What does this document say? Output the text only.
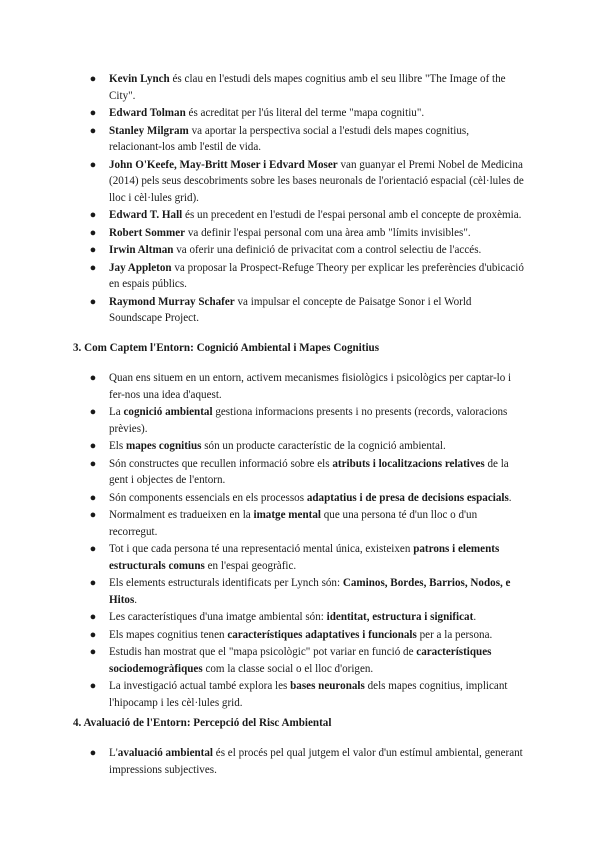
● Kevin Lynch és clau en l'estudi dels mapes cognitius amb el seu llibre "The Image of the City".
● Edward Tolman és acreditat per l'ús literal del terme "mapa cognitiu".
● Stanley Milgram va aportar la perspectiva social a l'estudi dels mapes cognitius, relacionant-los amb l'estil de vida.
● John O'Keefe, May-Britt Moser i Edvard Moser van guanyar el Premi Nobel de Medicina (2014) pels seus descobriments sobre les bases neuronals de l'orientació espacial (cèl·lules de lloc i cèl·lules grid).
● Edward T. Hall és un precedent en l'estudi de l'espai personal amb el concepte de proxèmia.
● Robert Sommer va definir l'espai personal com una àrea amb "límits invisibles".
● Irwin Altman va oferir una definició de privacitat com a control selectiu de l'accés.
● Jay Appleton va proposar la Prospect-Refuge Theory per explicar les preferències d'ubicació en espais públics.
● Raymond Murray Schafer va impulsar el concepte de Paisatge Sonor i el World Soundscape Project.
3. Com Captem l'Entorn: Cognició Ambiental i Mapes Cognitius
● Quan ens situem en un entorn, activem mecanismes fisiològics i psicològics per captar-lo i fer-nos una idea d'aquest.
● La cognició ambiental gestiona informacions presents i no presents (records, valoracions prèvies).
● Els mapes cognitius són un producte característic de la cognició ambiental.
● Són constructes que recullen informació sobre els atributs i localitzacions relatives de la gent i objectes de l'entorn.
● Són components essencials en els processos adaptatius i de presa de decisions espacials.
● Normalment es tradueixen en la imatge mental que una persona té d'un lloc o d'un recorregut.
● Tot i que cada persona té una representació mental única, existeixen patrons i elements estructurals comuns en l'espai geogràfic.
● Els elements estructurals identificats per Lynch són: Caminos, Bordes, Barrios, Nodos, e Hitos.
● Les característiques d'una imatge ambiental són: identitat, estructura i significat.
● Els mapes cognitius tenen característiques adaptatives i funcionals per a la persona.
● Estudis han mostrat que el "mapa psicològic" pot variar en funció de característiques sociodemogràfiques com la classe social o el lloc d'origen.
● La investigació actual també explora les bases neuronals dels mapes cognitius, implicant l'hipocamp i les cèl·lules grid.
4. Avaluació de l'Entorn: Percepció del Risc Ambiental
● L'avaluació ambiental és el procés pel qual jutgem el valor d'un estímul ambiental, generant impressions subjectives.
